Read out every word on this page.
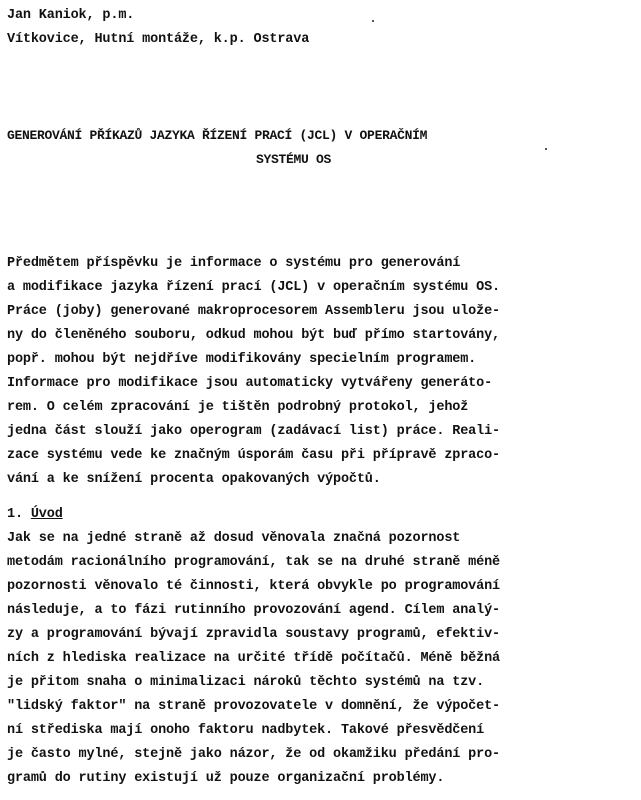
Jan Kaniok, p.m.
Vítkovice, Hutní montáže, k.p. Ostrava
GENEROVÁNÍ PŘÍKAZŮ JAZYKA ŘÍZENÍ PRACÍ (JCL) V OPERAČNÍM
SYSTÉMU OS
Předmětem příspěvku je informace o systému pro generování
a modifikace jazyka řízení prací (JCL) v operačním systému OS.
Práce (joby) generované makroprocesorem Assembleru jsou ulože-
ny do členěného souboru, odkud mohou být buď přímo startovány,
popř. mohou být nejdříve modifikovány specielním programem.
Informace pro modifikace jsou automaticky vytvářeny generáto-
rem. O celém zpracování je tištěn podrobný protokol, jehož
jedna část slouží jako operogram (zadávací list) práce. Reali-
zace systému vede ke značným úsporám času při přípravě zpraco-
vání a ke snížení procenta opakovaných výpočtů.
1. Úvod
Jak se na jedné straně až dosud věnovala značná pozornost
metodám racionálního programování, tak se na druhé straně méně
pozornosti věnovalo té činnosti, která obvykle po programování
následuje, a to fázi rutinního provozování agend. Cílem analý-
zy a programování bývají zpravidla soustavy programů, efektiv-
ních z hlediska realizace na určité třídě počítačů. Méně běžná
je přitom snaha o minimalizaci nároků těchto systémů na tzv.
"lidský faktor" na straně provozovatele v domnění, že výpočet-
ní střediska mají onoho faktoru nadbytek. Takové přesvědčení
je často mylné, stejně jako názor, že od okamžiku předání pro-
gramů do rutiny existují už pouze organizační problémy.
